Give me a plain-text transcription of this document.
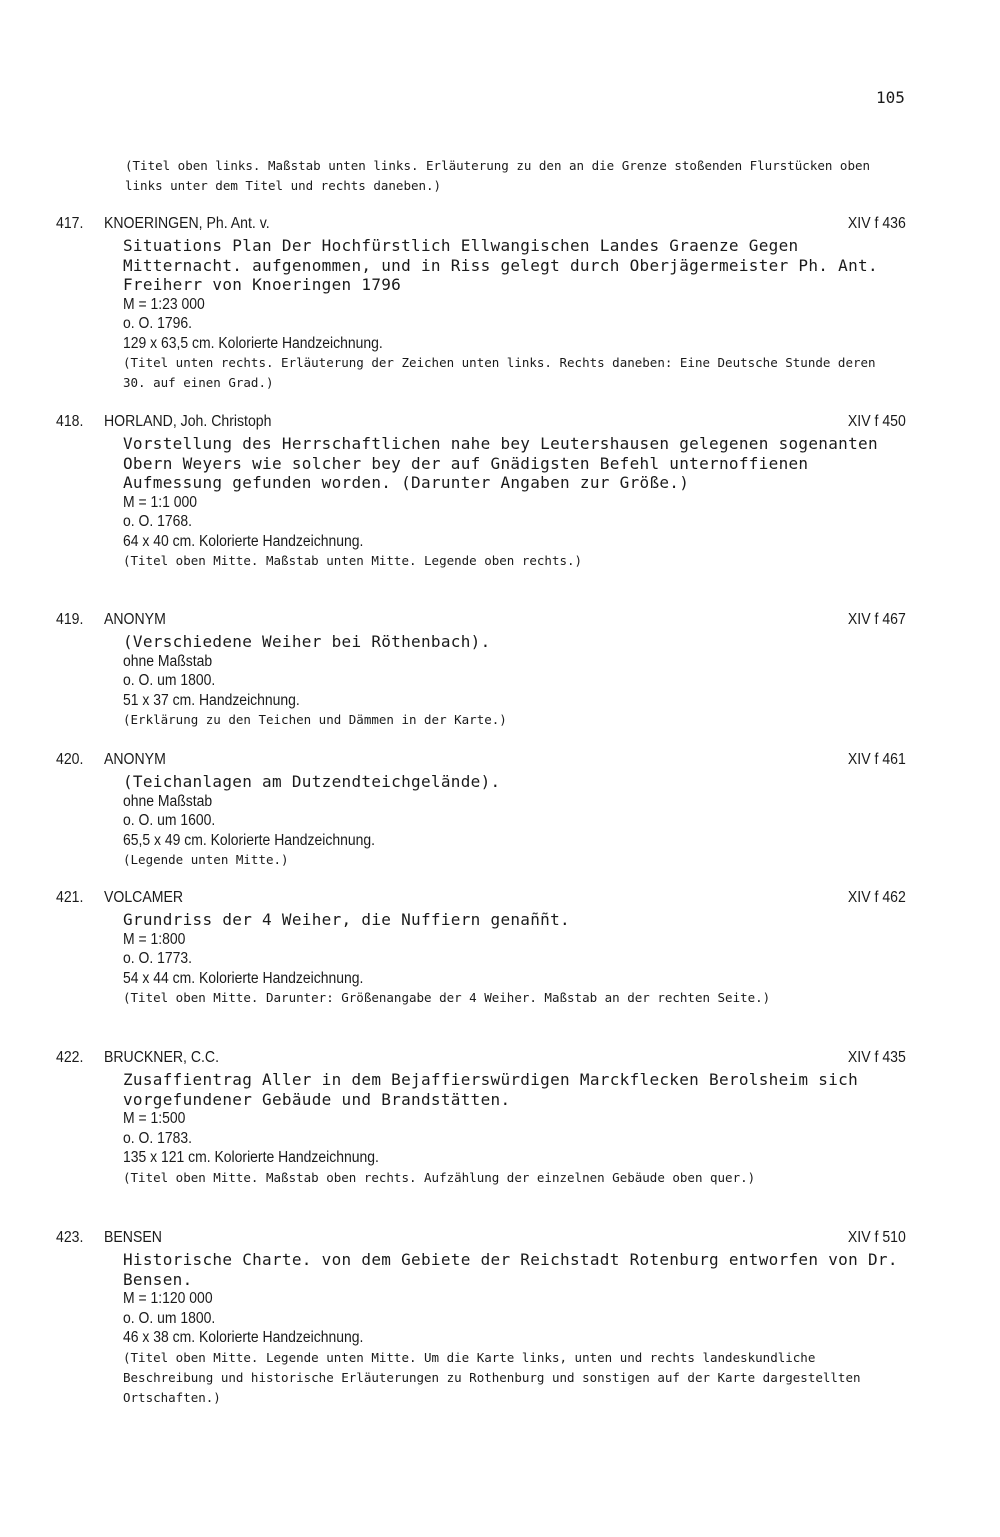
105
(Titel oben links. Maßstab unten links. Erläuterung zu den an die Grenze stoßenden Flurstücken oben links unter dem Titel und rechts daneben.)
417. KNOERINGEN, Ph. Ant. v.	XIV f 436
Situations Plan Der Hochfürstlich Ellwangischen Landes Graenze Gegen Mitternacht. aufgenommen, und in Riss gelegt durch Oberjägermeister Ph. Ant. Freiherr von Knoeringen 1796
M = 1:23 000
o. O. 1796.
129 x 63,5 cm. Kolorierte Handzeichnung.
(Titel unten rechts. Erläuterung der Zeichen unten links. Rechts daneben: Eine Deutsche Stunde deren 30. auf einen Grad.)
418. HORLAND, Joh. Christoph	XIV f 450
Vorstellung des Herrschaftlichen nahe bey Leutershausen gelegenen sogenanten Obern Weyers wie solcher bey der auf Gnädigsten Befehl unternoffienen Aufmessung gefunden worden. (Darunter Angaben zur Größe.)
M = 1:1 000
o. O. 1768.
64 x 40 cm. Kolorierte Handzeichnung.
(Titel oben Mitte. Maßstab unten Mitte. Legende oben rechts.)
419. ANONYM	XIV f 467
(Verschiedene Weiher bei Röthenbach).
ohne Maßstab
o. O. um 1800.
51 x 37 cm. Handzeichnung.
(Erklärung zu den Teichen und Dämmen in der Karte.)
420. ANONYM	XIV f 461
(Teichanlagen am Dutzendteichgelände).
ohne Maßstab
o. O. um 1600.
65,5 x 49 cm. Kolorierte Handzeichnung.
(Legende unten Mitte.)
421. VOLCAMER	XIV f 462
Grundriss der 4 Weiher, die Nuffiern genaññt.
M = 1:800
o. O. 1773.
54 x 44 cm. Kolorierte Handzeichnung.
(Titel oben Mitte. Darunter: Größenangabe der 4 Weiher. Maßstab an der rechten Seite.)
422. BRUCKNER, C.C.	XIV f 435
Zusaffientrag Aller in dem Bejaffierswürdigen Marckflecken Berolsheim sich vorgefundener Gebäude und Brandstätten.
M = 1:500
o. O. 1783.
135 x 121 cm. Kolorierte Handzeichnung.
(Titel oben Mitte. Maßstab oben rechts. Aufzählung der einzelnen Gebäude oben quer.)
423. BENSEN	XIV f 510
Historische Charte. von dem Gebiete der Reichstadt Rotenburg entworfen von Dr. Bensen.
M = 1:120 000
o. O. um 1800.
46 x 38 cm. Kolorierte Handzeichnung.
(Titel oben Mitte. Legende unten Mitte. Um die Karte links, unten und rechts landeskundliche Beschreibung und historische Erläuterungen zu Rothenburg und sonstigen auf der Karte dargestellten Ortschaften.)
